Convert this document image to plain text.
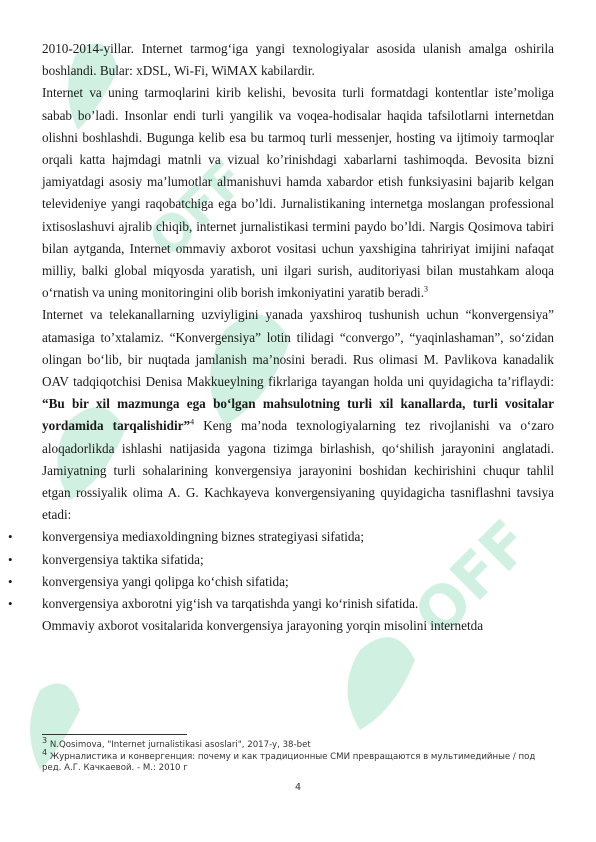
OFF
OFF

2010-2014-yillar. Internet tarmog‘iga yangi texnologiyalar asosida ulanish amalga oshirila boshlandi. Bular: xDSL, Wi-Fi, WiMAX kabilardir.

Internet va uning tarmoqlarini kirib kelishi, bevosita turli formatdagi kontentlar iste’moliga sabab bo’ladi. Insonlar endi turli yangilik va voqea-hodisalar haqida tafsilotlarni internetdan olishni boshlashdi. Bugunga kelib esa bu tarmoq turli messenjer, hosting va ijtimoiy tarmoqlar orqali katta hajmdagi matnli va vizual ko’rinishdagi xabarlarni tashimoqda. Bevosita bizni jamiyatdagi asosiy ma’lumotlar almanishuvi hamda xabardor etish funksiyasini bajarib kelgan televideniye yangi raqobatchiga ega bo’ldi. Jurnalistikaning internetga moslangan professional ixtisoslashuvi ajralib chiqib, internet jurnalistikasi termini paydo bo’ldi. Nargis Qosimova tabiri bilan aytganda, Internet ommaviy axborot vositasi uchun yaxshigina tahririyat imijini nafaqat milliy, balki global miqyosda yaratish, uni ilgari surish, auditoriyasi bilan mustahkam aloqa o‘rnatish va uning monitoringini olib borish imkoniyatini yaratib beradi.$^3$

Internet va telekanallarning uzviyligini yanada yaxshiroq tushunish uchun “konvergensiya” atamasiga to’xtalamiz. “Konvergensiya” lotin tilidagi “convergo”, “yaqinlashaman”, so‘zidan olingan bo‘lib, bir nuqtada jamlanish ma’nosini beradi. Rus olimasi M. Pavlikova kanadalik OAV tadqiqotchisi Denisa Makkueylning fikrlariga tayangan holda uni quyidagicha ta’riflaydi: “Bu bir xil mazmunga ega bo‘lgan mahsulotning turli xil kanallarda, turli vositalar yordamida tarqalishidir”$^4$ Keng ma’noda texnologiyalarning tez rivojlanishi va o‘zaro aloqadorlikda ishlashi natijasida yagona tizimga birlashish, qo‘shilish jarayonini anglatadi. Jamiyatning turli sohalarining konvergensiya jarayonini boshidan kechirishini chuqur tahlil etgan rossiyalik olima A. G. Kachkayeva konvergensiyaning quyidagicha tasniflashni tavsiya etadi:

• konvergensiya mediaxoldingning biznes strategiyasi sifatida;
• konvergensiya taktika sifatida;
• konvergensiya yangi qolipga ko‘chish sifatida;
• konvergensiya axborotni yig‘ish va tarqatishda yangi ko‘rinish sifatida.

Ommaviy axborot vositalarida konvergensiya jarayoning yorqin misolini internetda

$^3$ N.Qosimova, "Internet jurnalistikasi asoslari", 2017-y, 38-bet

$^4$ Журналистика и конвергенция: почему и как традиционные СМИ превращаются в мультимедийные / под ред. А.Г. Качкаевой. - М.: 2010 г

4
